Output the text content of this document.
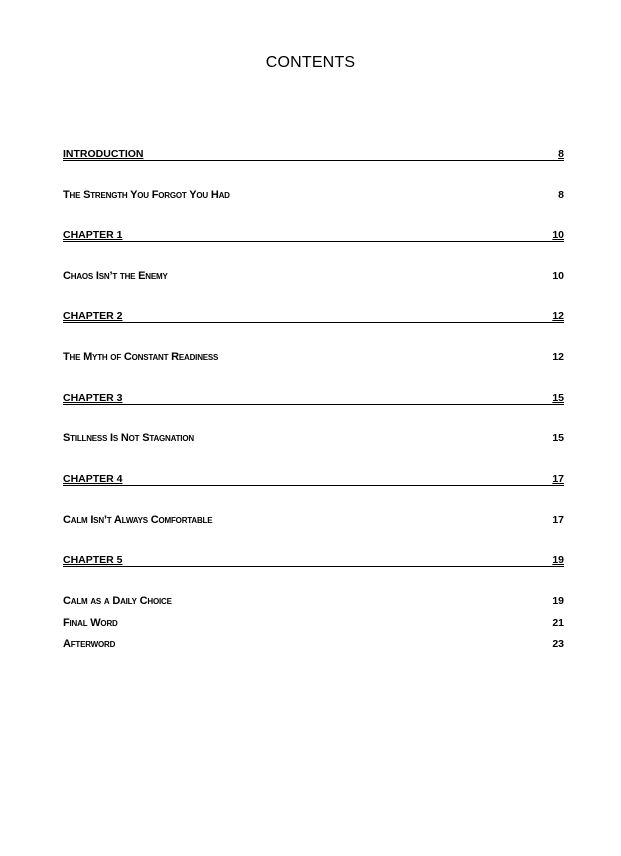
CONTENTS
INTRODUCTION	8
The Strength You Forgot You Had	8
CHAPTER 1	10
Chaos Isn’t the Enemy	10
CHAPTER 2	12
The Myth of Constant Readiness	12
CHAPTER 3	15
Stillness Is Not Stagnation	15
CHAPTER 4	17
Calm Isn’t Always Comfortable	17
CHAPTER 5	19
Calm as a Daily Choice	19
Final Word	21
Afterword	23
